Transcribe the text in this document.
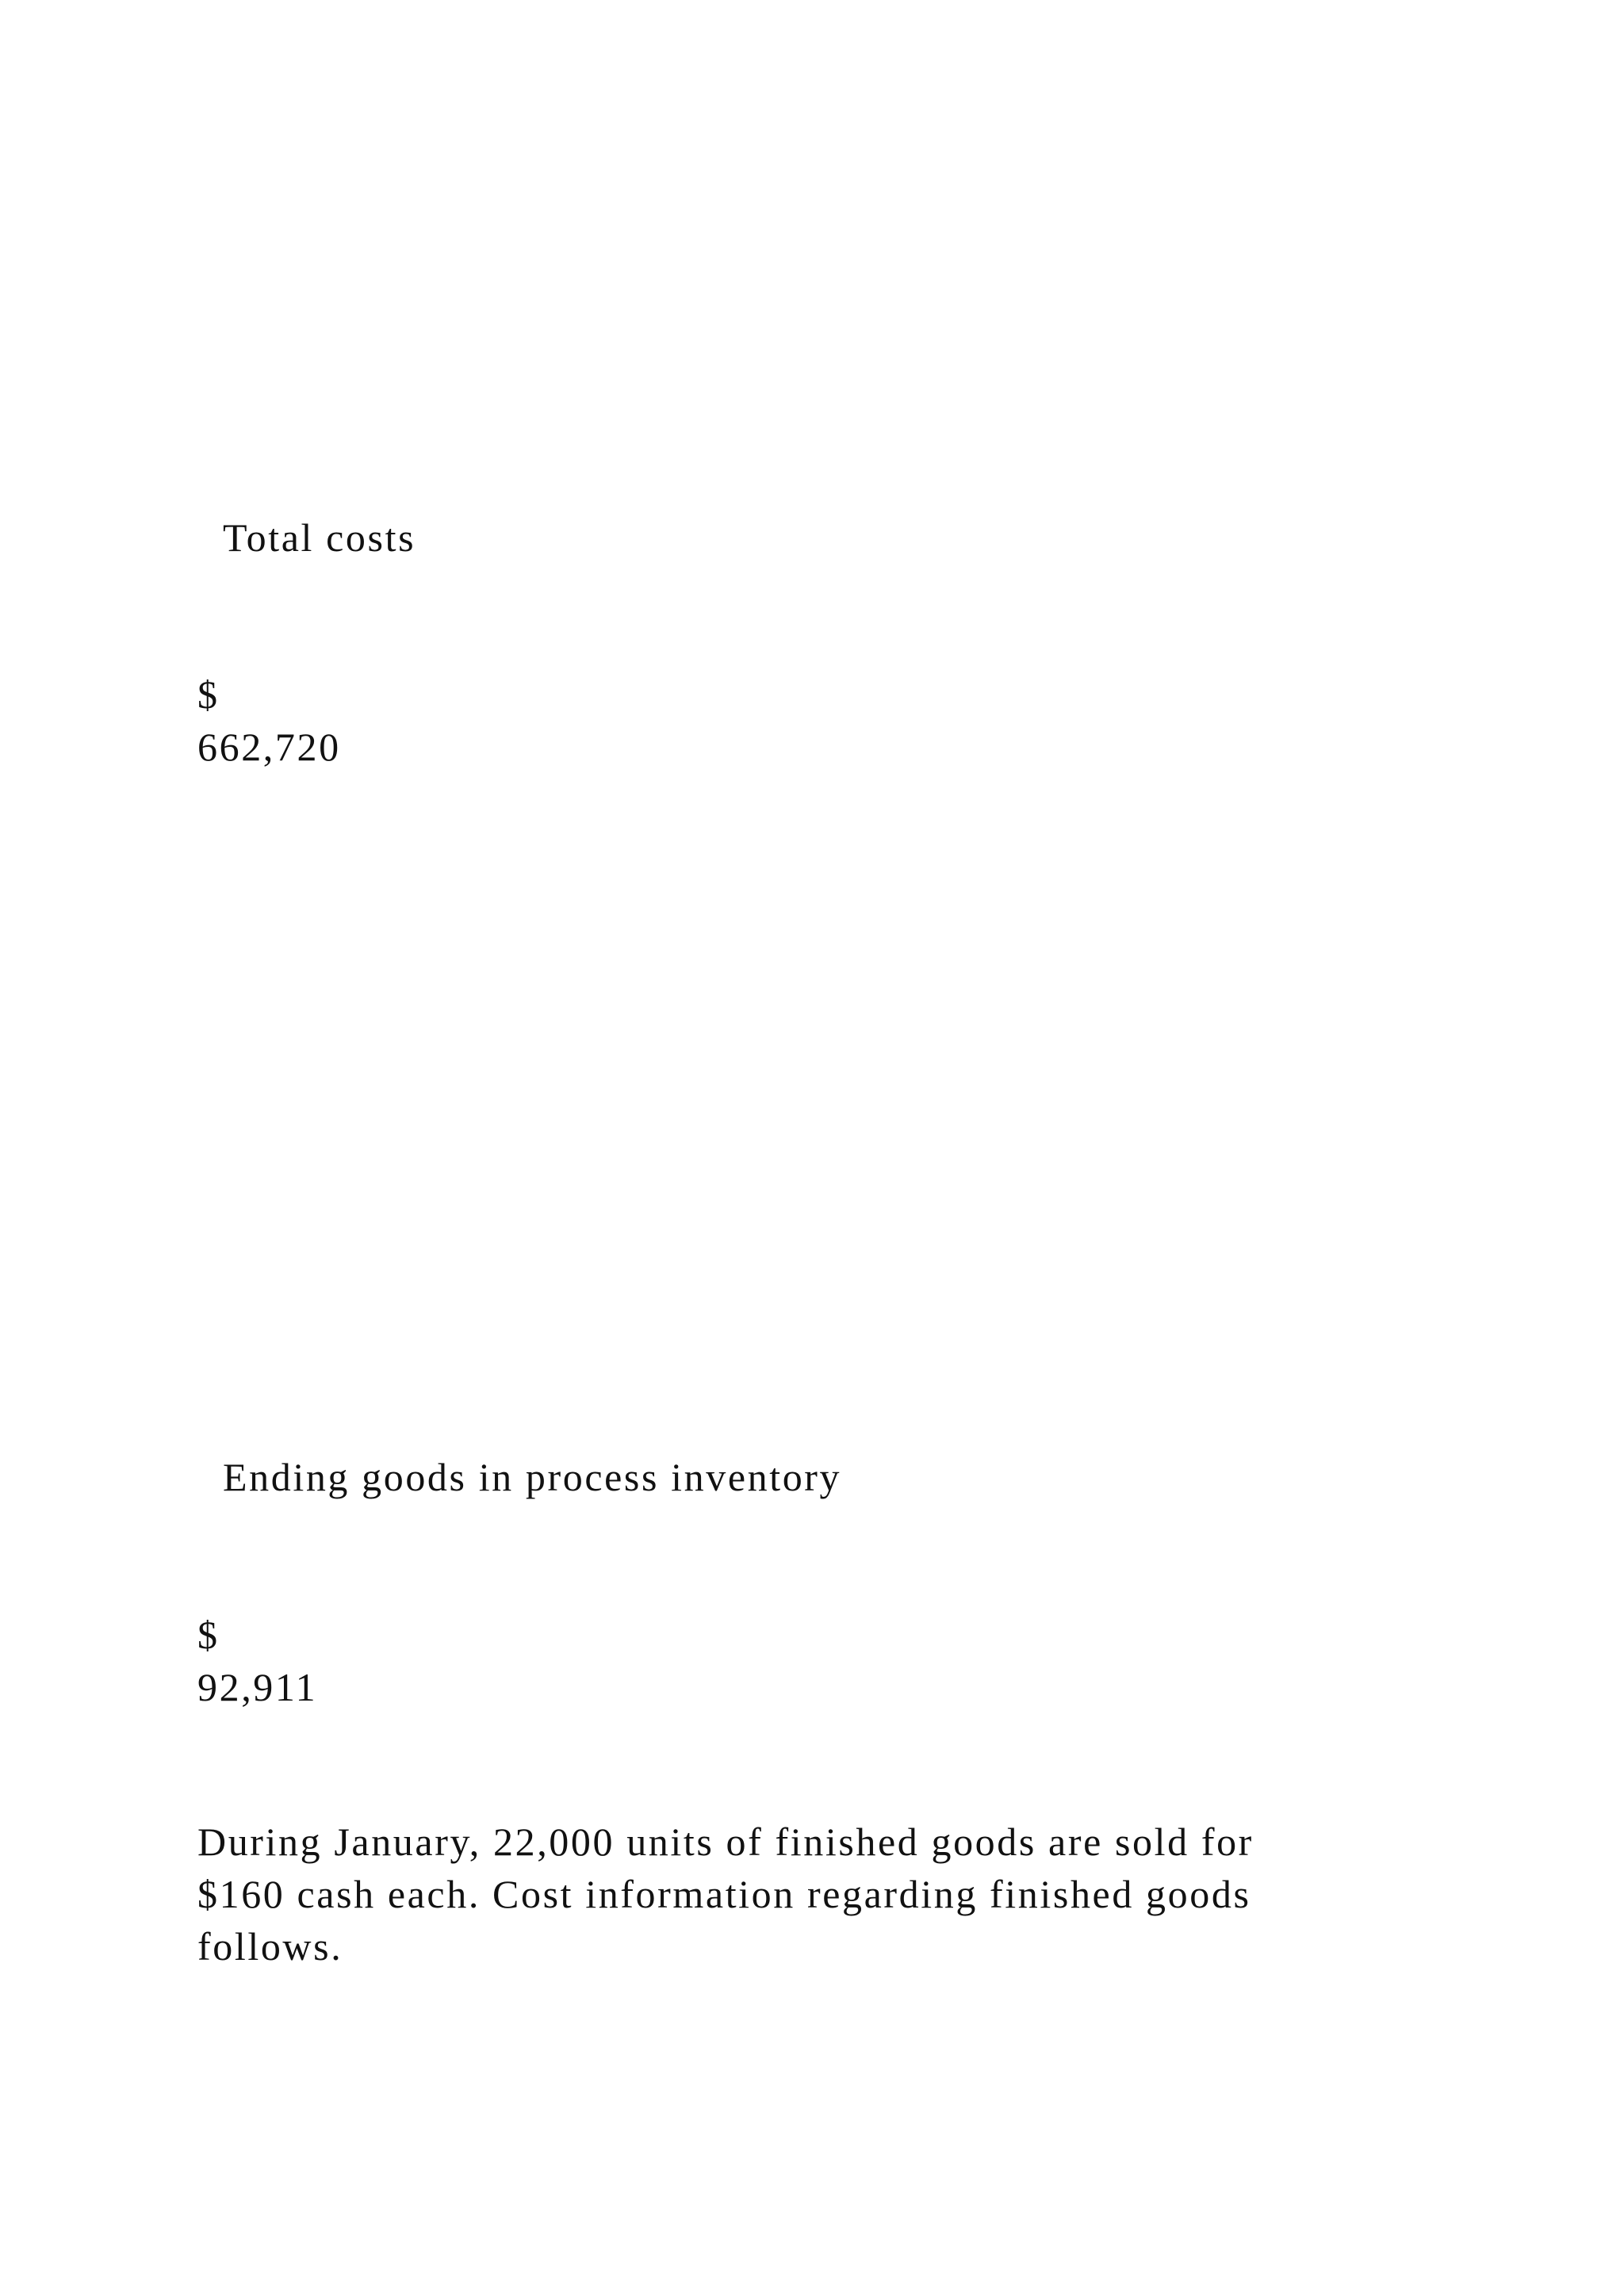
Total costs

$

662,720

Ending goods in process inventory

$

92,911

During January, 22,000 units of finished goods are sold for
$160 cash each. Cost information regarding finished goods
follows.
